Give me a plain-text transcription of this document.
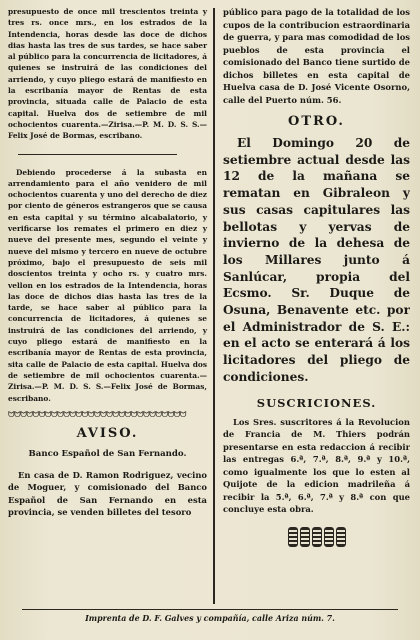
presupuesto de once mil trescientos treinta y tres rs. once mrs., en los estrados de la Intendencia, horas desde las doce de dichos dias hasta las tres de sus tardes, se hace saber al público para la concurrencia de licitadores, á quienes se instruirá de las condiciones del arriendo, y cuyo pliego estará de manifiesto en la escribanía mayor de Rentas de esta provincia, situada calle de Palacio de esta capital. Huelva dos de setiembre de mil ochocientos cuarenta.—Zirisa.—P. M. D. S. S.—Felix José de Bormas, escribano.

Debiendo procederse á la subasta en arrendamiento para el año venidero de mil ochocientos cuarenta y uno del derecho de diez por ciento de géneros estrangeros que se causa en esta capital y su término alcabalatorio, y verificarse los remates el primero en diez y nueve del presente mes, segundo el veinte y nueve del mismo y tercero en nueve de octubre próximo, bajo el presupuesto de seis mil doscientos treinta y ocho rs. y cuatro mrs. vellon en los estrados de la Intendencia, horas las doce de dichos dias hasta las tres de la tarde, se hace saber al público para la concurrencia de licitadores, á quienes se instruirá de las condiciones del arriendo, y cuyo pliego estará de manifiesto en la escribanía mayor de Rentas de esta provincia, sita calle de Palacio de esta capital. Huelva dos de setiembre de mil ochocientos cuarenta.—Zirisa.—P. M. D. S. S.—Felix José de Bormas, escribano.

ᗢᗢᗢᗢᗢᗢᗢᗢᗢᗢᗢᗢᗢᗢᗢᗢᗢᗢᗢᗢᗢᗢᗢᗢᗢᗢᗢᗢᗢ
AVISO.
Banco Español de San Fernando.

En casa de D. Ramon Rodriguez, vecino de Moguer, y comisionado del Banco Español de San Fernando en esta provincia, se venden billetes del tesoro

público para pago de la totalidad de los cupos de la contribucion estraordinaria de guerra, y para mas comodidad de los pueblos de esta provincia el comisionado del Banco tiene surtido de dichos billetes en esta capital de Huelva casa de D. José Vicente Osorno, calle del Puerto núm. 56.

OTRO.

El Domingo 20 de setiembre actual desde las 12 de la mañana se rematan en Gibraleon y sus casas capitulares las bellotas y yervas de invierno de la dehesa de los Millares junto á Sanlúcar, propia del Ecsmo. Sr. Duque de Osuna, Benavente etc. por el Administrador de S. E.: en el acto se enterará á los licitadores del pliego de condiciones.

SUSCRICIONES.

Los Sres. suscritores á la Revolucion de Francia de M. Thiers podrán presentarse en esta redaccion á recibir las entregas 6.ª, 7.ª, 8.ª, 9.ª y 10.ª, como igualmente los que lo esten al Quijote de la edicion madrileña á recibir la 5.ª, 6.ª, 7.ª y 8.ª con que concluye esta obra.

Imprenta de D. F. Galves y compañía, calle Ariza núm. 7.
